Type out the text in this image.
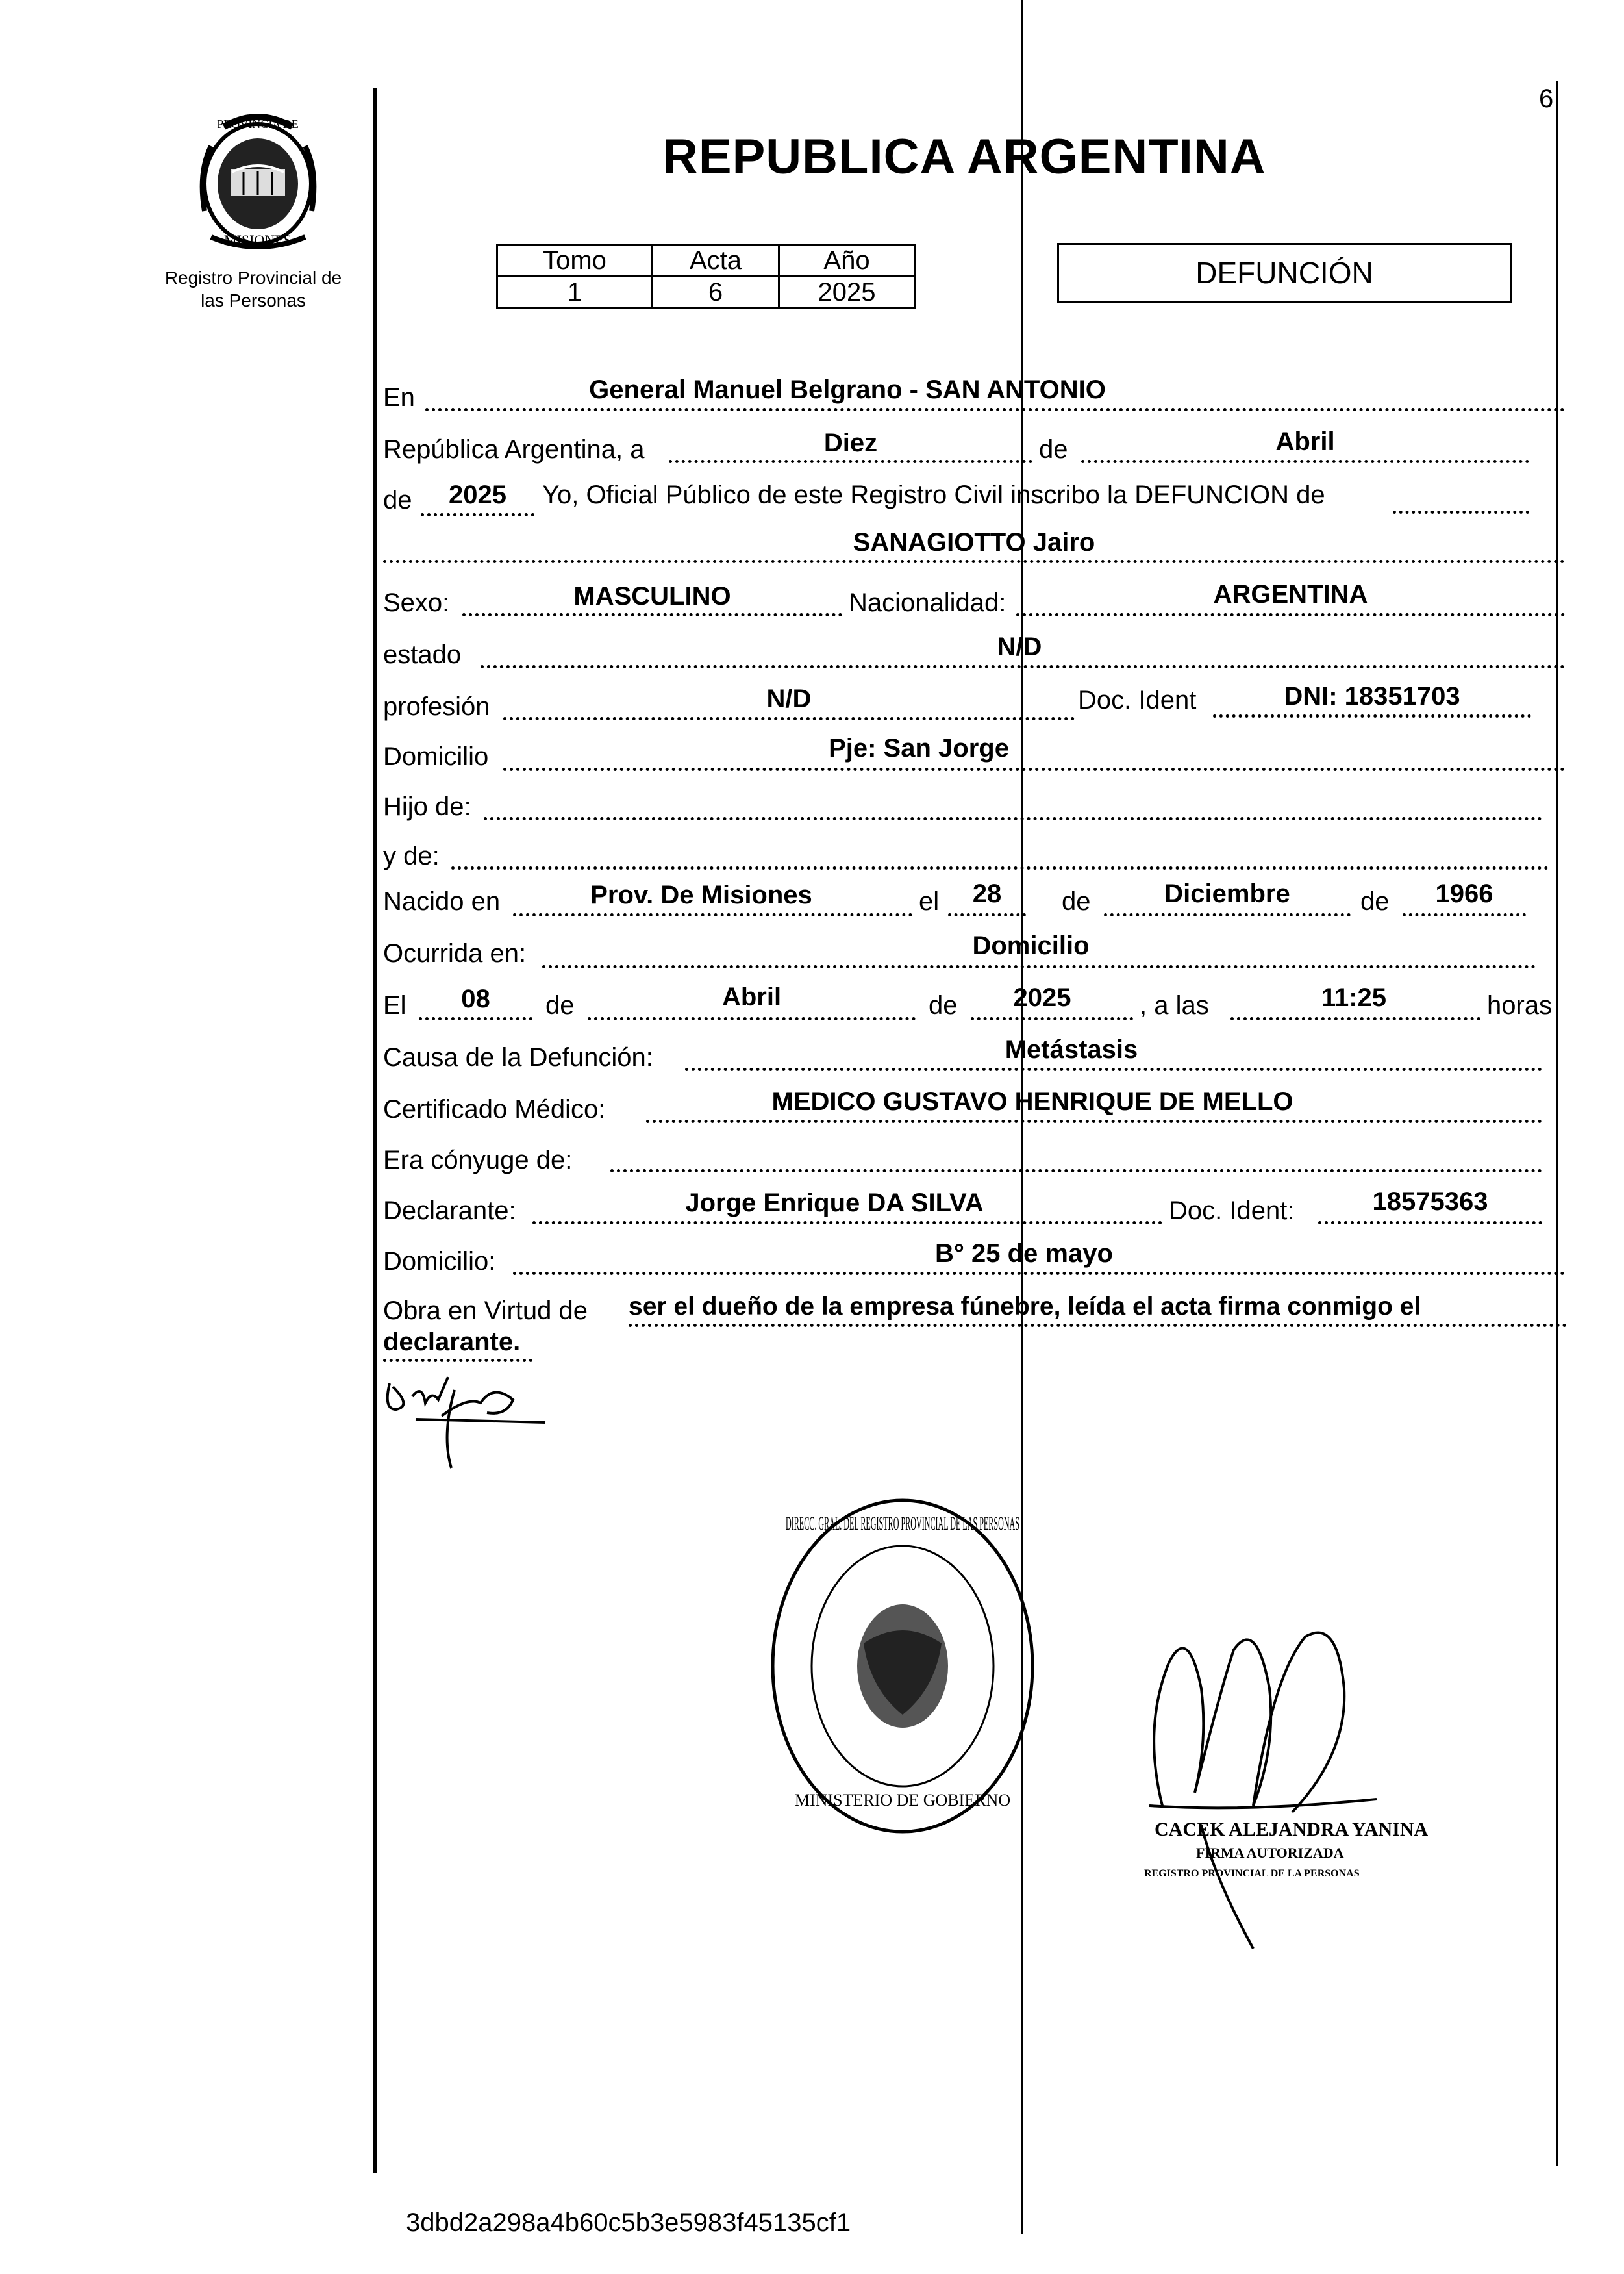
6
PROVINCIA DE
MISIONES
Registro Provincial de
las Personas
REPUBLICA ARGENTINA
Tomo	Acta	Año
1	6	2025
DEFUNCIÓN
En	General Manuel Belgrano - SAN ANTONIO
República Argentina, a	Diez	de	Abril
de	2025	Yo, Oficial Público de este Registro Civil inscribo la DEFUNCION de
SANAGIOTTO Jairo
Sexo:	MASCULINO	Nacionalidad:	ARGENTINA
estado	N/D
profesión	N/D	Doc. Ident	DNI: 18351703
Domicilio	Pje: San Jorge
Hijo de:
y de:
Nacido en	Prov. De Misiones	el	28	de	Diciembre	de	1966
Ocurrida en:	Domicilio
El	08	de	Abril	de	2025	, a las	11:25	horas
Causa de la Defunción:	Metástasis
Certificado Médico:	MEDICO GUSTAVO HENRIQUE DE MELLO
Era cónyuge de:
Declarante:	Jorge Enrique DA SILVA	Doc. Ident:	18575363
Domicilio:	B° 25 de mayo
Obra en Virtud de ser el dueño de la empresa fúnebre, leída el acta firma conmigo el
declarante.
DIRECC. GRAL. DEL REGISTRO PROVINCIAL DE LAS PERSONAS
MINISTERIO DE GOBIERNO
CACEK ALEJANDRA YANINA
FIRMA AUTORIZADA
REGISTRO PROVINCIAL DE LA PERSONAS
3dbd2a298a4b60c5b3e5983f45135cf1
